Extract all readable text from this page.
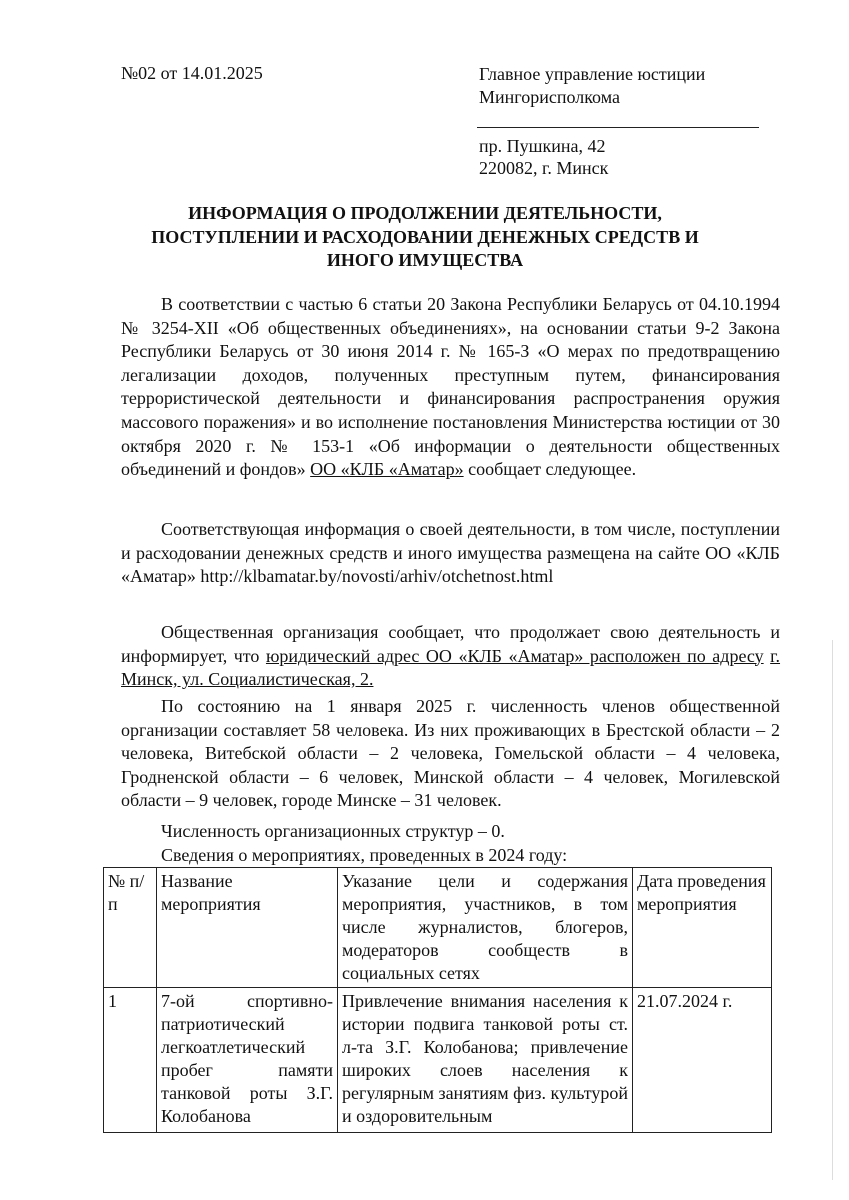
№02 от 14.01.2025	Главное управление юстиции
Мингорисполкома
пр. Пушкина, 42
220082, г. Минск
ИНФОРМАЦИЯ О ПРОДОЛЖЕНИИ ДЕЯТЕЛЬНОСТИ,
ПОСТУПЛЕНИИ И РАСХОДОВАНИИ ДЕНЕЖНЫХ СРЕДСТВ И
ИНОГО ИМУЩЕСТВА
В соответствии с частью 6 статьи 20 Закона Республики Беларусь от 04.10.1994 № 3254-XII «Об общественных объединениях», на основании статьи 9-2 Закона Республики Беларусь от 30 июня 2014 г. № 165-З «О мерах по предотвращению легализации доходов, полученных преступным путем, финансирования террористической деятельности и финансирования распространения оружия массового поражения» и во исполнение постановления Министерства юстиции от 30 октября 2020 г. № 153-1 «Об информации о деятельности общественных объединений и фондов» ОО «КЛБ «Аматар» сообщает следующее.
Соответствующая информация о своей деятельности, в том числе, поступлении и расходовании денежных средств и иного имущества размещена на сайте ОО «КЛБ «Аматар» http://klbamatar.by/novosti/arhiv/otchetnost.html
Общественная организация сообщает, что продолжает свою деятельность и информирует, что юридический адрес ОО «КЛБ «Аматар» расположен по адресу г. Минск, ул. Социалистическая, 2.
По состоянию на 1 января 2025 г. численность членов общественной организации составляет 58 человека. Из них проживающих в Брестской области – 2 человека, Витебской области – 2 человека, Гомельской области – 4 человека, Гродненской области – 6 человек, Минской области – 4 человек, Могилевской области – 9 человек, городе Минске – 31 человек.
Численность организационных структур – 0.
Сведения о мероприятиях, проведенных в 2024 году:
№ п/п	Название мероприятия	Указание цели и содержания мероприятия, участников, в том числе журналистов, блогеров, модераторов сообществ в социальных сетях	Дата проведения мероприятия
1	7-ой спортивно-патриотический легкоатлетический пробег памяти танковой роты З.Г. Колобанова	Привлечение внимания населения к истории подвига танковой роты ст. л-та З.Г. Колобанова; привлечение широких слоев населения к регулярным занятиям физ. культурой и оздоровительным	21.07.2024 г.
